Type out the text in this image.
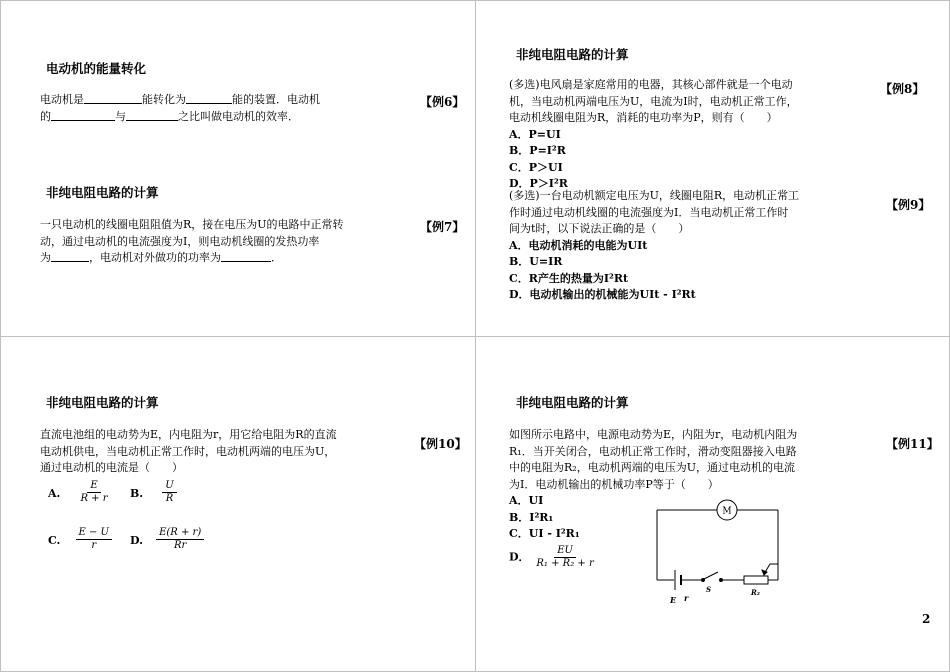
电动机的能量转化
电动机是	能转化为	能的装置．电动机
的	与	之比叫做电动机的效率．
【例6】
非纯电阻电路的计算
一只电动机的线圈电阻阻值为R，接在电压为U的电路中正常转
动，通过电动机的电流强度为I，则电动机线圈的发热功率
为	，电动机对外做功的功率为	．
【例7】
非纯电阻电路的计算
(多选)电风扇是家庭常用的电器，其核心部件就是一个电动
机，当电动机两端电压为U，电流为I时，电动机正常工作，
电动机线圈电阻为R，消耗的电功率为P，则有（　　）
A．P=UI
B．P=I²R
C．P＞UI
D．P＞I²R
【例8】
(多选)一台电动机额定电压为U，线圈电阻R，电动机正常工
作时通过电动机线圈的电流强度为I．当电动机正常工作时
间为t时，以下说法正确的是（　　）
A．电动机消耗的电能为UIt
B．U=IR
C．R产生的热量为I²Rt
D．电动机输出的机械能为UIt - I²Rt
【例9】
非纯电阻电路的计算
直流电池组的电动势为E，内电阻为r，用它给电阻为R的直流
电动机供电，当电动机正常工作时，电动机两端的电压为U，
通过电动机的电流是（　　）
【例10】
A. $\frac{E}{R + r} B$. $\frac{U}{R}$
C. $\frac{E - U}{r} D$. $\frac{E(R + r)}{Rr}$
非纯电阻电路的计算
如图所示电路中，电源电动势为E，内阻为r，电动机内阻为
R₁．当开关闭合，电动机正常工作时，滑动变阻器接入电路
中的电阻为R₂，电动机两端的电压为U，通过电动机的电流
为I．电动机输出的机械功率P等于（　　）
A．UI
B．I²R₁
C．UI - I²R₁
D． $\frac{EU}{\text{R₁ + R₂ + r}}$
【例11】
M
E r
S	R₂
2
